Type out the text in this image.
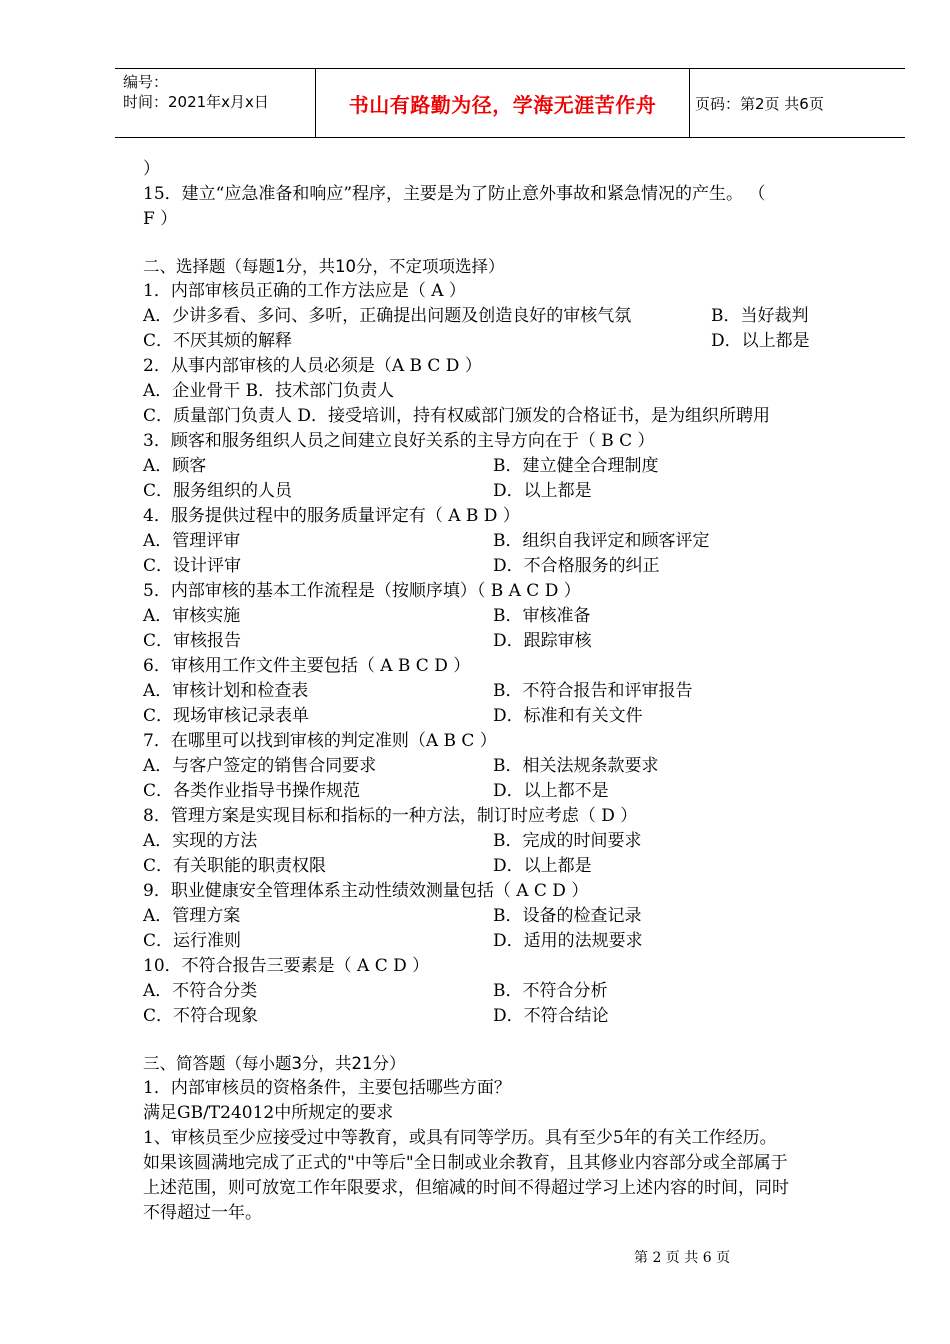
编号：
时间：2021年x月x日	书山有路勤为径，学海无涯苦作舟	页码：第2页 共6页
）
15．建立“应急准备和响应”程序，主要是为了防止意外事故和紧急情况的产生。 （
F ）
二、选择题（每题1分，共10分，不定项项选择）
1．内部审核员正确的工作方法应是（ A ）
A．少讲多看、多问、多听，正确提出问题及创造良好的审核气氛	B．当好裁判
C．不厌其烦的解释	D．以上都是
2．从事内部审核的人员必须是（A B C D ）
A．企业骨干 B．技术部门负责人
C．质量部门负责人 D．接受培训，持有权威部门颁发的合格证书，是为组织所聘用
3．顾客和服务组织人员之间建立良好关系的主导方向在于（ B C ）
A．顾客	B．建立健全合理制度
C．服务组织的人员	D．以上都是
4．服务提供过程中的服务质量评定有（ A B D ）
A．管理评审	B．组织自我评定和顾客评定
C．设计评审	D．不合格服务的纠正
5．内部审核的基本工作流程是（按顺序填）（ B A C D ）
A．审核实施	B．审核准备
C．审核报告	D．跟踪审核
6．审核用工作文件主要包括（ A B C D ）
A．审核计划和检查表	B．不符合报告和评审报告
C．现场审核记录表单	D．标准和有关文件
7．在哪里可以找到审核的判定准则（A B C ）
A．与客户签定的销售合同要求	B．相关法规条款要求
C．各类作业指导书操作规范	D．以上都不是
8．管理方案是实现目标和指标的一种方法，制订时应考虑（ D ）
A．实现的方法	B．完成的时间要求
C．有关职能的职责权限	D．以上都是
9．职业健康安全管理体系主动性绩效测量包括（ A C D ）
A．管理方案	B．设备的检查记录
C．运行准则	D．适用的法规要求
10．不符合报告三要素是（ A C D ）
A．不符合分类	B．不符合分析
C．不符合现象	D．不符合结论
三、简答题（每小题3分，共21分）
1．内部审核员的资格条件，主要包括哪些方面？
满足GB/T24012中所规定的要求
1、审核员至少应接受过中等教育，或具有同等学历。具有至少5年的有关工作经历。
如果该圆满地完成了正式的"中等后"全日制或业余教育，且其修业内容部分或全部属于
上述范围，则可放宽工作年限要求，但缩减的时间不得超过学习上述内容的时间，同时
不得超过一年。
第 2 页 共 6 页
